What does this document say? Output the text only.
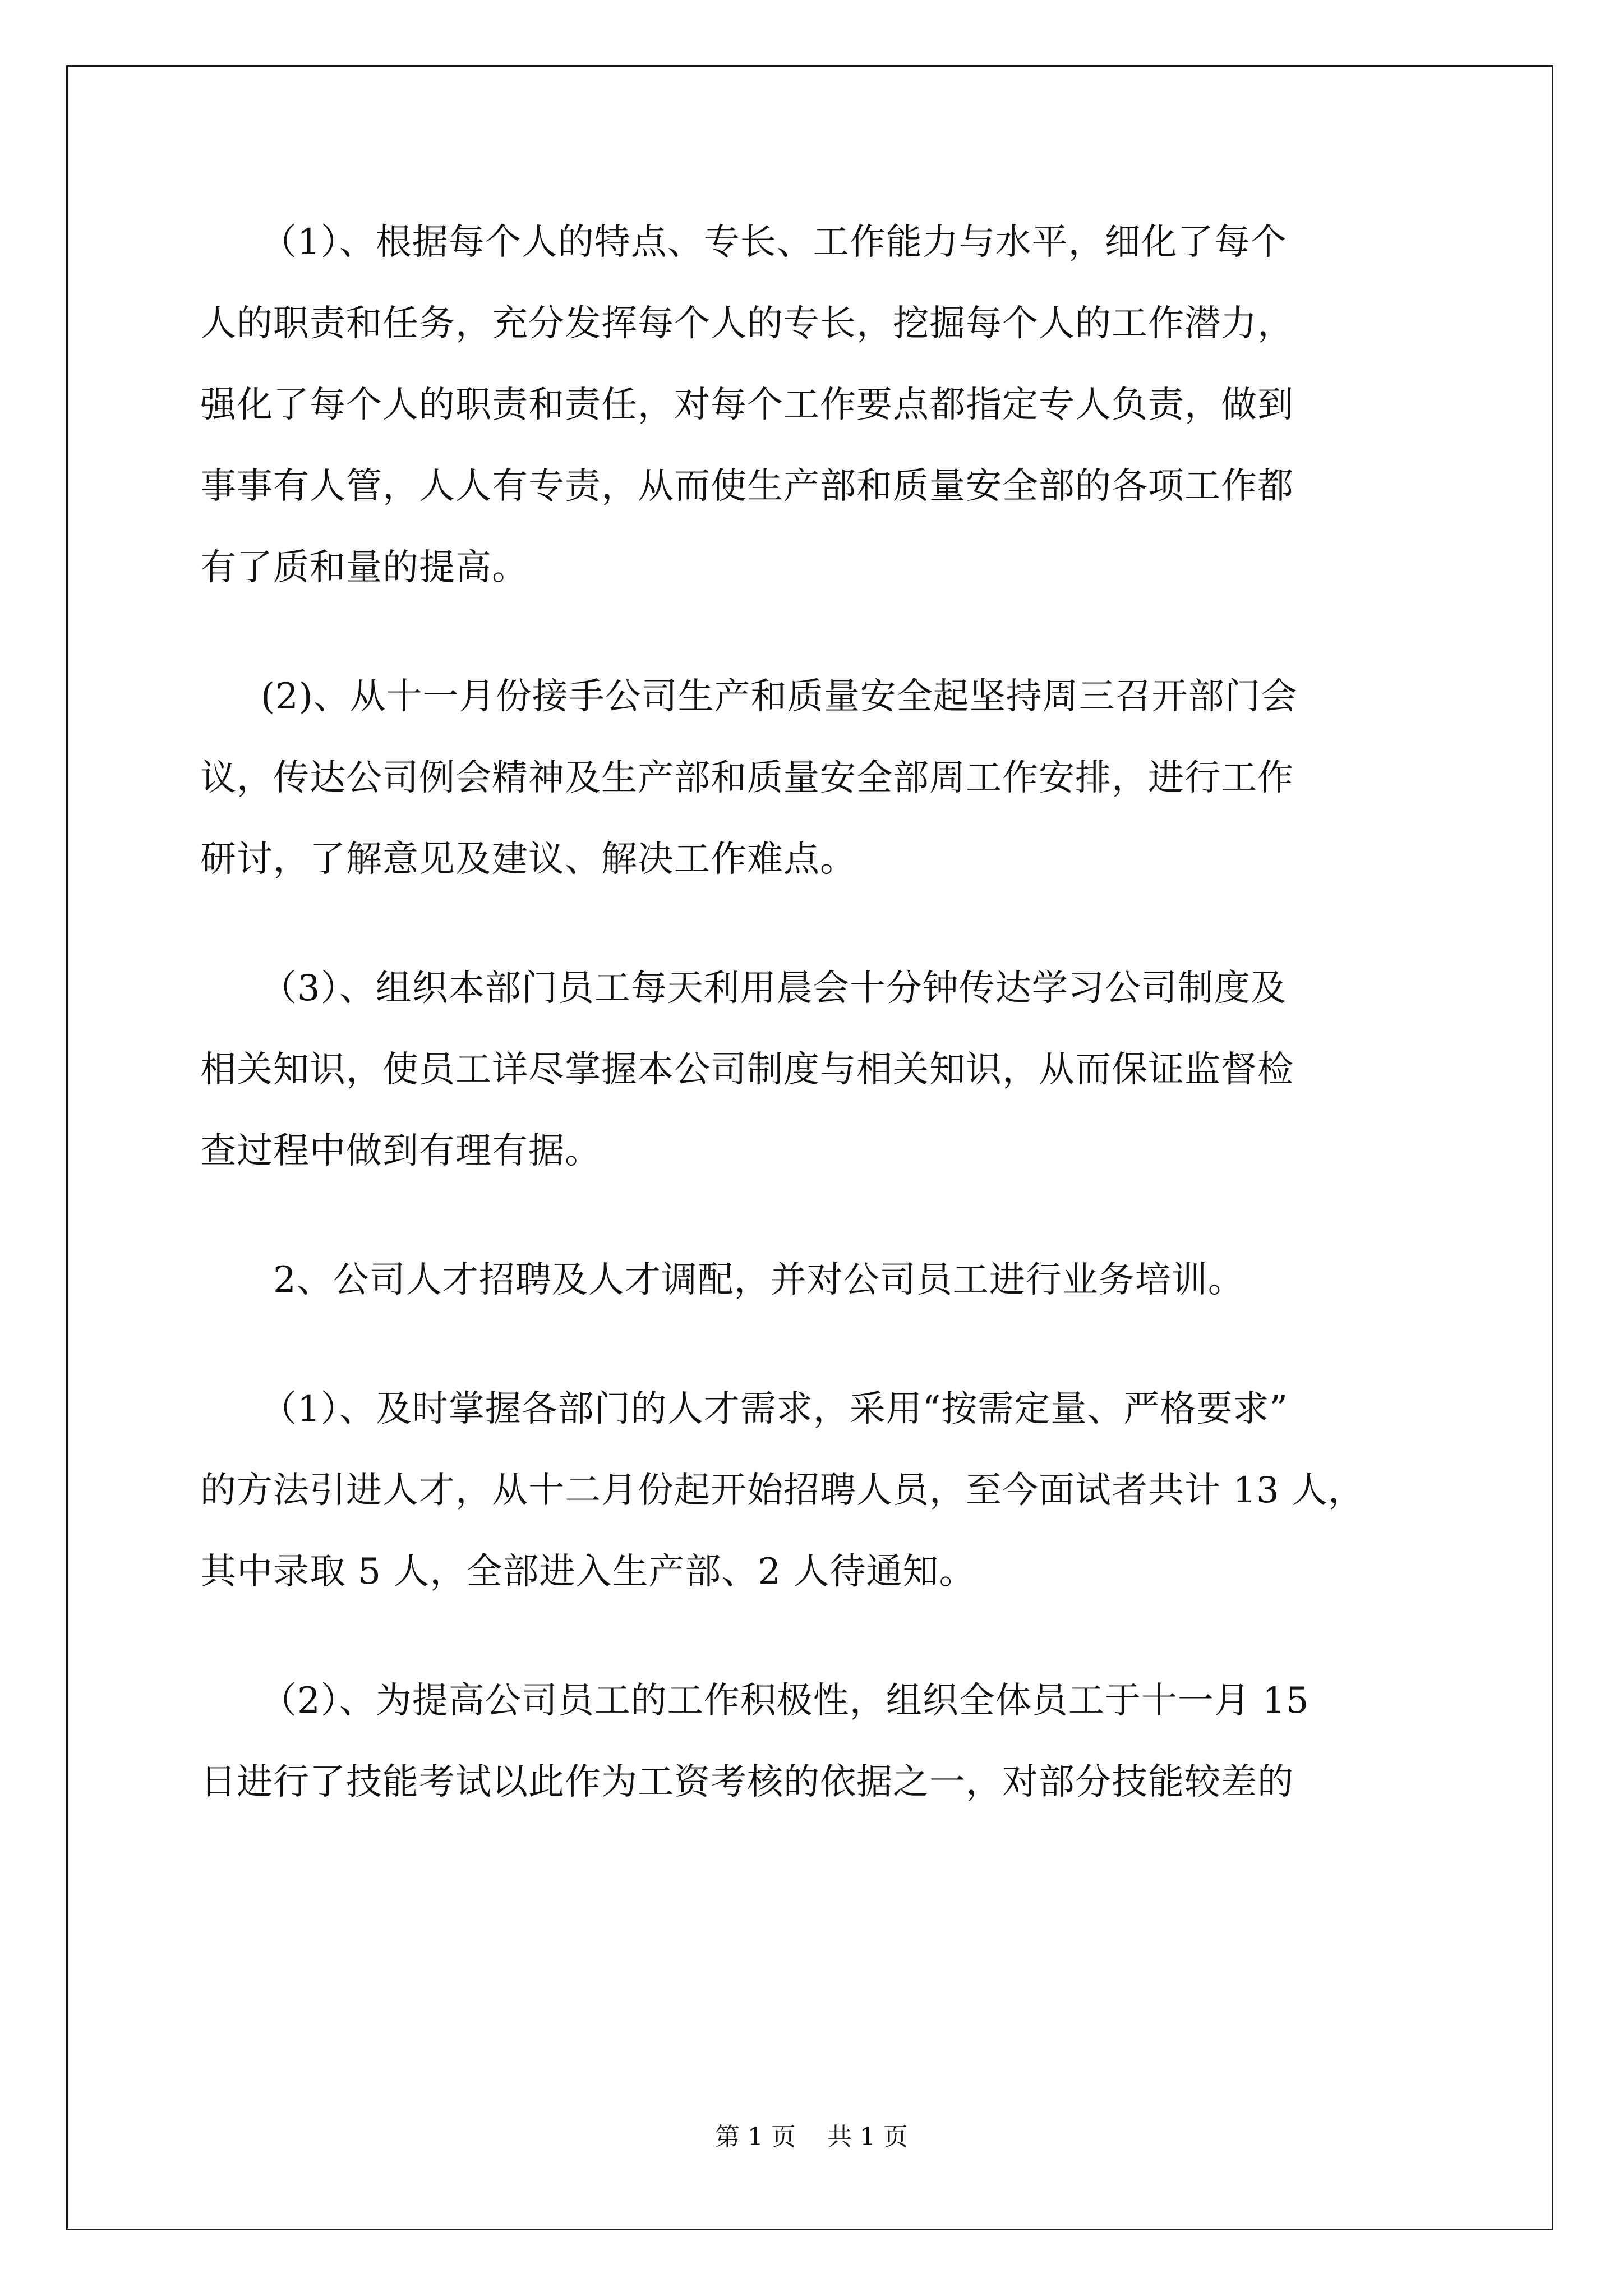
（1）、根据每个人的特点、专长、工作能力与水平，细化了每个
人的职责和任务，充分发挥每个人的专长，挖掘每个人的工作潜力，
强化了每个人的职责和责任，对每个工作要点都指定专人负责，做到
事事有人管，人人有专责，从而使生产部和质量安全部的各项工作都
有了质和量的提高。

(2)、从十一月份接手公司生产和质量安全起坚持周三召开部门会
议，传达公司例会精神及生产部和质量安全部周工作安排，进行工作
研讨，了解意见及建议、解决工作难点。

（3）、组织本部门员工每天利用晨会十分钟传达学习公司制度及
相关知识，使员工详尽掌握本公司制度与相关知识，从而保证监督检
查过程中做到有理有据。

2、公司人才招聘及人才调配，并对公司员工进行业务培训。

（1）、及时掌握各部门的人才需求，采用“按需定量、严格要求”
的方法引进人才，从十二月份起开始招聘人员，至今面试者共计 13 人，
其中录取 5 人，全部进入生产部、2 人待通知。

（2）、为提高公司员工的工作积极性，组织全体员工于十一月 15
日进行了技能考试以此作为工资考核的依据之一，对部分技能较差的

第 1 页    共 1 页
